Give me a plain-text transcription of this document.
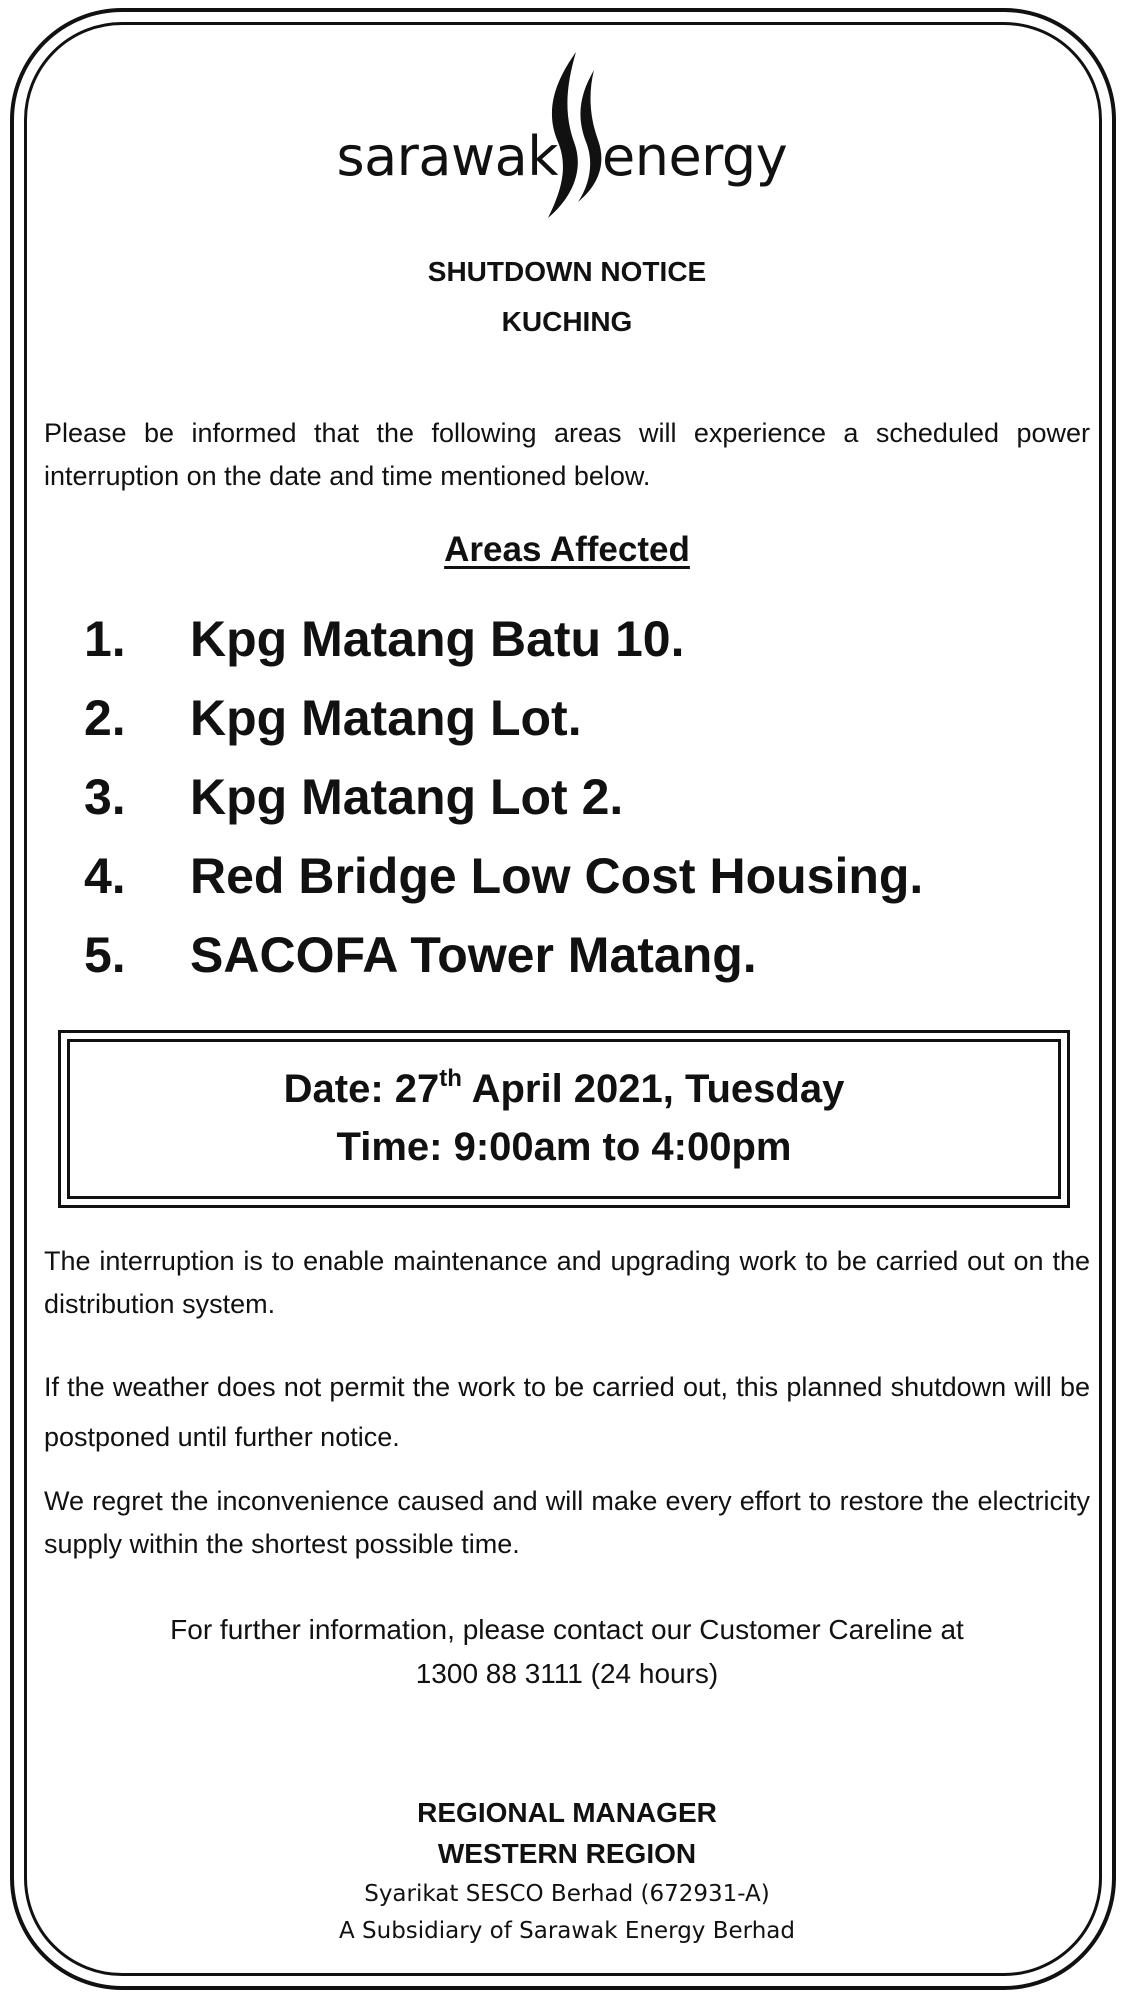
sarawak energy
SHUTDOWN NOTICE
KUCHING
Please be informed that the following areas will experience a scheduled power interruption on the date and time mentioned below.
Areas Affected
1. Kpg Matang Batu 10.
2. Kpg Matang Lot.
3. Kpg Matang Lot 2.
4. Red Bridge Low Cost Housing.
5. SACOFA Tower Matang.
Date: 27th April 2021, Tuesday
Time: 9:00am to 4:00pm
The interruption is to enable maintenance and upgrading work to be carried out on the distribution system.
If the weather does not permit the work to be carried out, this planned shutdown will be postponed until further notice.
We regret the inconvenience caused and will make every effort to restore the electricity supply within the shortest possible time.
For further information, please contact our Customer Careline at
1300 88 3111 (24 hours)
REGIONAL MANAGER
WESTERN REGION
Syarikat SESCO Berhad (672931-A)
A Subsidiary of Sarawak Energy Berhad
